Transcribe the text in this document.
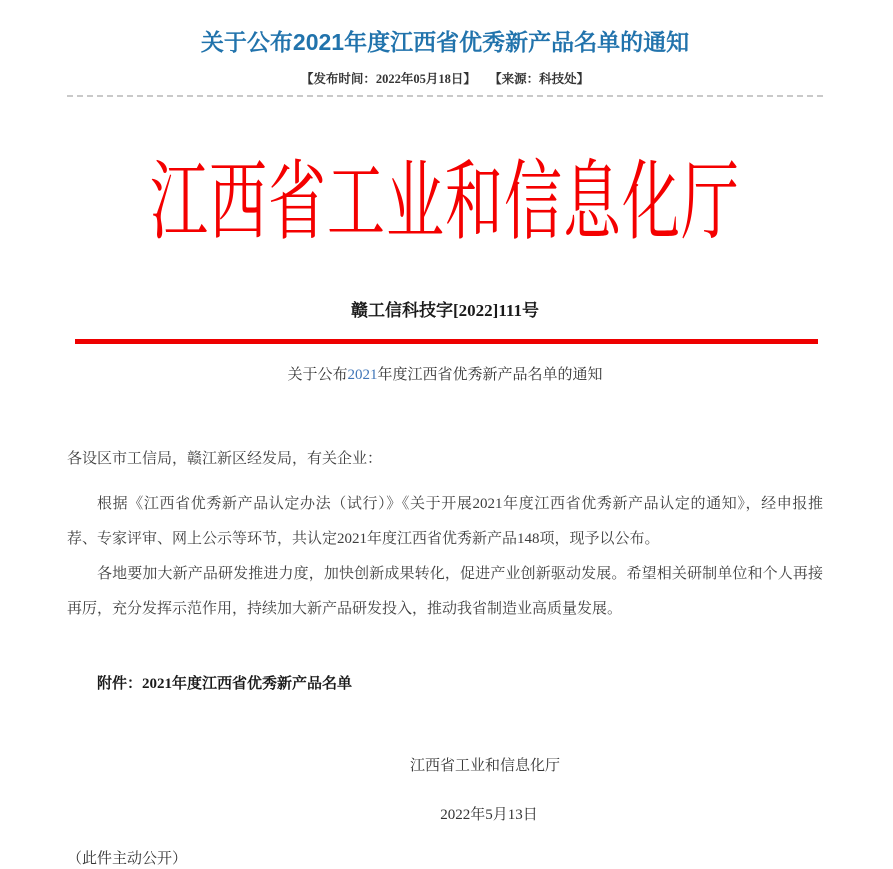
关于公布2021年度江西省优秀新产品名单的通知
【发布时间：2022年05月18日】 【来源：科技处】
江西省工业和信息化厅
赣工信科技字[2022]111号
关于公布2021年度江西省优秀新产品名单的通知
各设区市工信局，赣江新区经发局，有关企业：

根据《江西省优秀新产品认定办法（试行）》《关于开展2021年度江西省优秀新产品认定的通知》，经申报推荐、专家评审、网上公示等环节，共认定2021年度江西省优秀新产品148项，现予以公布。

各地要加大新产品研发推进力度，加快创新成果转化，促进产业创新驱动发展。希望相关研制单位和个人再接再厉，充分发挥示范作用，持续加大新产品研发投入，推动我省制造业高质量发展。

附件：2021年度江西省优秀新产品名单
江西省工业和信息化厅
2022年5月13日
（此件主动公开）
